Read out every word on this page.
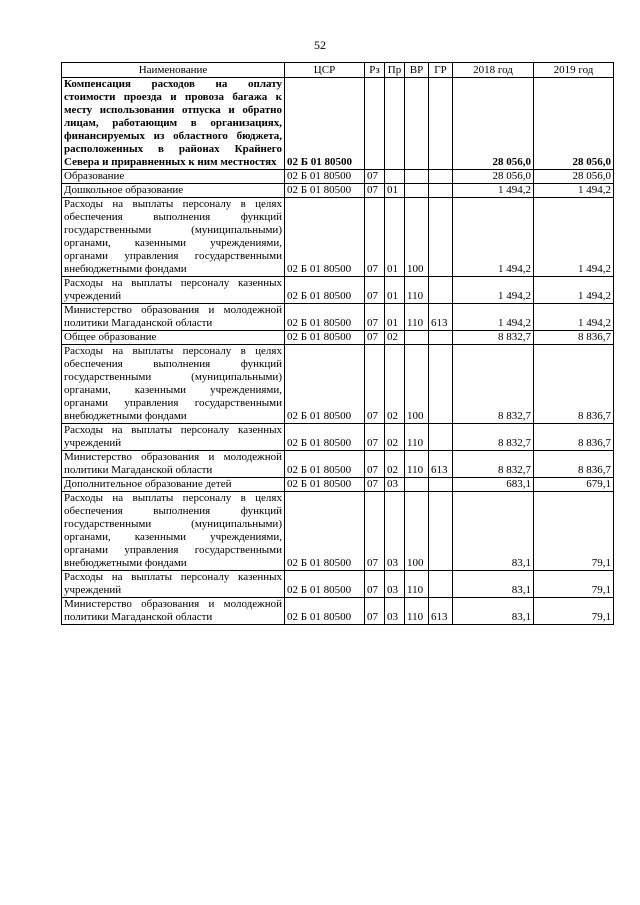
52
Наименование	ЦСР	Рз	Пр	ВР	ГР	2018 год	2019 год
Компенсация расходов на оплату стоимости проезда и провоза багажа к месту использования отпуска и обратно лицам, работающим в организациях, финансируемых из областного бюджета, расположенных в районах Крайнего Севера и приравненных к ним местностях	02 Б 01 80500					28 056,0	28 056,0
Образование	02 Б 01 80500	07				28 056,0	28 056,0
Дошкольное образование	02 Б 01 80500	07	01			1 494,2	1 494,2
Расходы на выплаты персоналу в целях обеспечения выполнения функций государственными (муниципальными) органами, казенными учреждениями, органами управления государственными внебюджетными фондами	02 Б 01 80500	07	01	100		1 494,2	1 494,2
Расходы на выплаты персоналу казенных учреждений	02 Б 01 80500	07	01	110		1 494,2	1 494,2
Министерство образования и молодежной политики Магаданской области	02 Б 01 80500	07	01	110	613	1 494,2	1 494,2
Общее образование	02 Б 01 80500	07	02			8 832,7	8 836,7
Расходы на выплаты персоналу в целях обеспечения выполнения функций государственными (муниципальными) органами, казенными учреждениями, органами управления государственными внебюджетными фондами	02 Б 01 80500	07	02	100		8 832,7	8 836,7
Расходы на выплаты персоналу казенных учреждений	02 Б 01 80500	07	02	110		8 832,7	8 836,7
Министерство образования и молодежной политики Магаданской области	02 Б 01 80500	07	02	110	613	8 832,7	8 836,7
Дополнительное образование детей	02 Б 01 80500	07	03			683,1	679,1
Расходы на выплаты персоналу в целях обеспечения выполнения функций государственными (муниципальными) органами, казенными учреждениями, органами управления государственными внебюджетными фондами	02 Б 01 80500	07	03	100		83,1	79,1
Расходы на выплаты персоналу казенных учреждений	02 Б 01 80500	07	03	110		83,1	79,1
Министерство образования и молодежной политики Магаданской области	02 Б 01 80500	07	03	110	613	83,1	79,1
